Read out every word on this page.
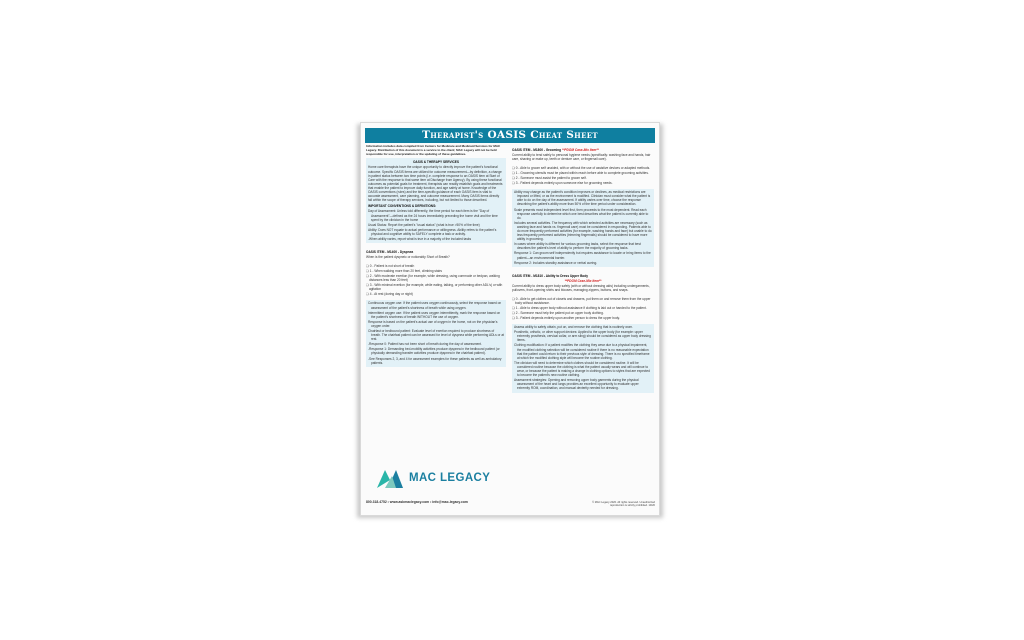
Therapist's OASIS Cheat Sheet
Information includes data compiled from Centers for Medicare and Medicaid Services for MAC Legacy. Distribution of this document is a service to the client; MAC Legacy will not be held responsible for use, interpretation or the updating of these guidelines.
OASIS & THERAPY SERVICES

Home care therapists have the unique opportunity to directly improve the patient's functional outcome. Specific OASIS items are utilized for outcome measurement—by definition, a change in patient status between two time points (i.e. complete response to an OASIS item at Start of Care with the response to that same item at Discharge from Agency). By using these functional outcomes as potential goals for treatment, therapists can readily establish goals and treatments that enable the patient to improve daily function, and age safely at home. Knowledge of the OASIS conventions (rules) and the item-specific guidance of each OASIS item is vital to accurate assessment, care planning, and outcome measurement. Many OASIS items directly fall within the scope of therapy services, including, but not limited to those described.

IMPORTANT CONVENTIONS & DEFINITIONS:

Day of Assessment: Unless told differently, the time period for each item is the "Day of Assessment"—defined as the 24 hours immediately preceding the home visit and the time spent by the clinician in the home

Usual Status: Report the patient's "usual status" (what is true >50% of the time)

Ability: Does NOT equate to actual performance or willingness. Ability refers to the patient's physical and cognitive ability to SAFELY complete a task or activity.

-When ability varies, report what is true in a majority of the included tasks

OASIS ITEM - M1400 - Dyspnea

When is the patient dyspneic or noticeably Short of Breath?

❑ 0 - Patient is not short of breath

❑ 1 - When walking more than 20 feet, climbing stairs

❑ 2 - With moderate exertion (for example, while dressing, using commode or bedpan, walking distances less than 20 feet)

❑ 3 - With minimal exertion (for example, while eating, talking, or performing other ADL's) or with agitation

❑ 4 - At rest (during day or night)

Continuous oxygen use: If the patient uses oxygen continuously, select the response based on assessment of the patient's shortness of breath while using oxygen.

Intermittent oxygen use: If the patient uses oxygen intermittently, mark the response based on the patient's shortness of breath WITHOUT the use of oxygen.

Response is based on the patient's actual use of oxygen in the home, not on the physician's oxygen order.

Chairfast or bedbound patient: Evaluate level of exertion required to produce shortness of breath. The chairfast patient can be assessed for level of dyspnea while performing ADLs or at rest.

-Response 0: Patient has not been short of breath during the day of assessment.

-Response 1: Demanding bed-mobility activities produce dyspnea in the bedbound patient (or physically demanding transfer activities produce dyspnea in the chairfast patient).

-See Responses 2, 3, and 4 for assessment examples for these patients as well as ambulatory patients.

MAC LEGACY
800.318.4752 • www.askmaclegacy.com • info@mac-legacy.com	© MAC Legacy 2020. All rights reserved. Unauthorized reproduction is strictly prohibited. 10/20
OASIS ITEM - M1800 - Grooming **PDGM Case-Mix Item**

Current ability to tend safely to personal hygiene needs (specifically: washing face and hands, hair care, shaving or make up, teeth or denture care, or fingernail care).

❑ 0 - Able to groom self unaided, with or without the use of assistive devices or adapted methods.

❑ 1 - Grooming utensils must be placed within reach before able to complete grooming activities.

❑ 2 - Someone must assist the patient to groom self.

❑ 3 - Patient depends entirely upon someone else for grooming needs.

Ability may change as the patient's condition improves or declines, as medical restrictions are imposed or lifted, or as the environment is modified. Clinician must consider what the patient is able to do on the day of the assessment. If ability varies over time, choose the response describing the patient's ability more than 50% of the time period under consideration.

Scale presents most independent level first, then proceeds to the most dependent. Read each response carefully to determine which one best describes what the patient is currently able to do.

Includes several activities. The frequency with which selected activities are necessary (such as washing face and hands vs. fingernail care) must be considered in responding. Patients able to do more frequently performed activities (for example, washing hands and face) but unable to do less frequently performed activities (trimming fingernails) should be considered to have more ability in grooming.

In cases where ability is different for various grooming tasks, select the response that best describes the patient's level of ability to perform the majority of grooming tasks.

Response 1: Can groom self independently but requires assistance to locate or bring items to the patient—an environmental barrier.

Response 2: Includes standby assistance or verbal cueing.

OASIS ITEM - M1810 - Ability to Dress Upper Body
**PDGM Case-Mix Item**

Current ability to dress upper body safely (with or without dressing aids) including undergarments, pullovers, front-opening shirts and blouses, managing zippers, buttons, and snaps.

❑ 0 - Able to get clothes out of closets and drawers, put them on and remove them from the upper body without assistance.

❑ 1 - Able to dress upper body without assistance if clothing is laid out or handed to the patient.

❑ 2 - Someone must help the patient put on upper body clothing.

❑ 3 - Patient depends entirely upon another person to dress the upper body.

Assess ability to safely obtain, put on, and remove the clothing that is routinely worn.

Prosthetic, orthotic, or other support devices: Applied to the upper body (for example: upper extremity prosthesis, cervical collar, or arm sling) should be considered as upper body dressing items.

Clothing modification: If a patient modifies the clothing they wear due to a physical impairment, the modified clothing selection will be considered routine if there is no reasonable expectation that the patient could return to their previous style of dressing. There is no specified timeframe at which the modified clothing style will become the routine clothing.

The clinician will need to determine which clothes should be considered routine. It will be considered routine because the clothing is what the patient usually wears and will continue to wear, or because the patient is making a change in clothing options to styles that are expected to become the patient's new routine clothing.

Assessment strategies: Opening and removing upper body garments during the physical assessment of the heart and lungs provides an excellent opportunity to evaluate upper extremity ROM, coordination, and manual dexterity needed for dressing.
